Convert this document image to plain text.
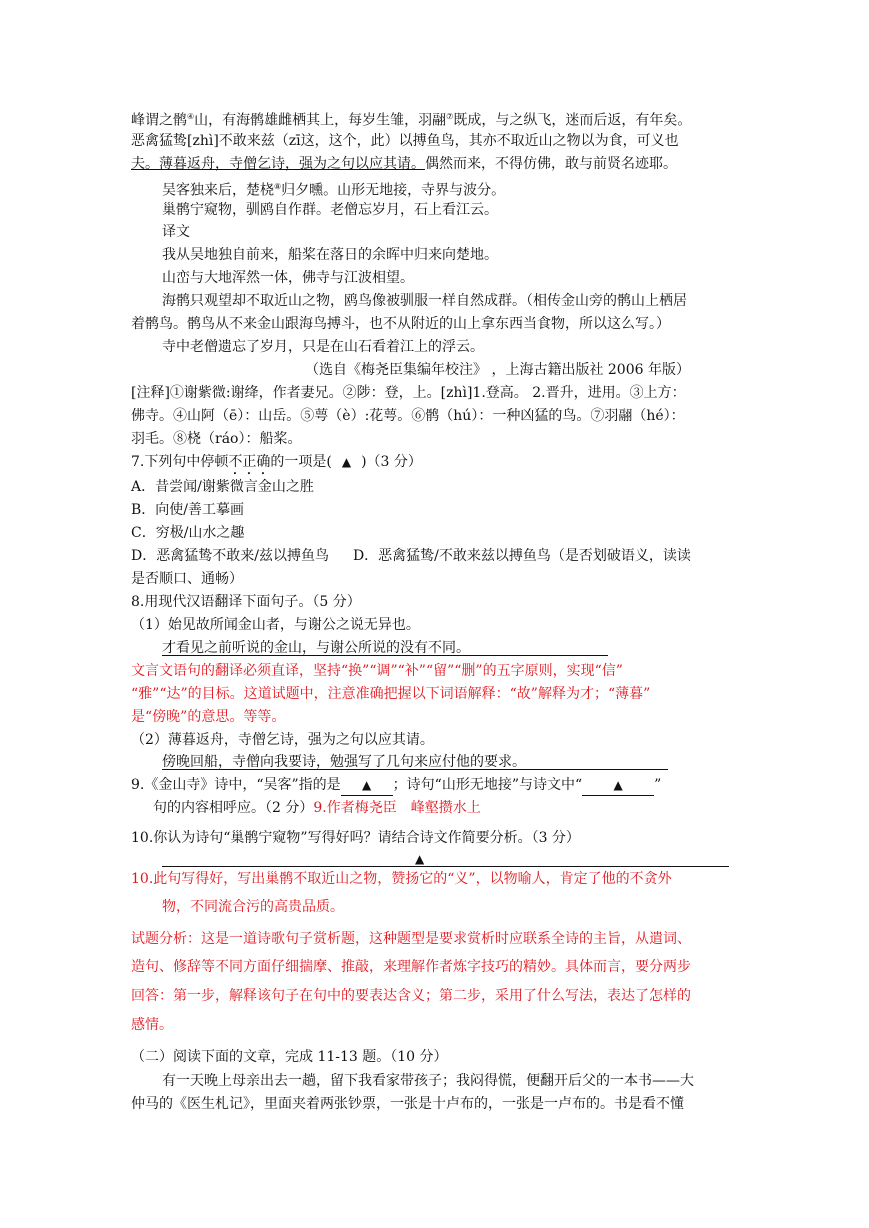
峰谓之鹘④山，有海鹘雄雌栖其上，每岁生雏，羽翮⑦既成，与之纵飞，迷而后返，有年矣。
恶禽猛鸷[zhì]不敢来兹（zī这，这个，此）以搏鱼鸟，其亦不取近山之物以为食，可义也
夫。薄暮返舟，寺僧乞诗，强为之句以应其请。偶然而来，不得仿佛，敢与前贤名迹耶。
吴客独来后，楚桡⑧归夕曛。山形无地接，寺界与波分。
巢鹘宁窥物，驯鸥自作群。老僧忘岁月，石上看江云。
译文
我从吴地独自前来，船桨在落日的余晖中归来向楚地。
山峦与大地浑然一体，佛寺与江波相望。
海鹘只观望却不取近山之物，鸥鸟像被驯服一样自然成群。（相传金山旁的鹘山上栖居
着鹘鸟。鹘鸟从不来金山跟海鸟搏斗，也不从附近的山上拿东西当食物，所以这么写。）
寺中老僧遗忘了岁月，只是在山石看着江上的浮云。
（选自《梅尧臣集编年校注》 ，上海古籍出版社 2006 年版）
[注释]①谢紫微:谢绛，作者妻兄。②陟：登，上。[zhì]1.登高。 2.晋升，进用。③上方：
佛寺。④山阿（ē）：山岳。⑤萼（è）:花萼。⑥鹘（hú）：一种凶猛的鸟。⑦羽翮（hé）：
羽毛。⑧桡（ráo）：船桨。
7.下列句中停顿不正确的一项是( ▲ )（3 分）
A．昔尝闻/谢紫微言金山之胜
B．向使/善工摹画
C．穷极/山水之趣
D．恶禽猛鸷不敢来/兹以搏鱼鸟 D．恶禽猛鸷/不敢来兹以搏鱼鸟（是否划破语义，读读
是否顺口、通畅）
8.用现代汉语翻译下面句子。（5 分）
（1）始见故所闻金山者，与谢公之说无异也。
才看见之前听说的金山，与谢公所说的没有不同。
文言文语句的翻译必须直译，坚持“换”“调”“补”“留”“删”的五字原则，实现“信”
“雅”“达”的目标。这道试题中，注意准确把握以下词语解释：“故”解释为才；“薄暮”
是“傍晚”的意思。等等。
（2）薄暮返舟，寺僧乞诗，强为之句以应其请。
傍晚回船，寺僧向我要诗，勉强写了几句来应付他的要求。
9.《金山寺》诗中，“吴客”指的是 ▲ ；诗句“山形无地接”与诗文中“	▲ ”
句的内容相呼应。（2 分）9.作者梅尧臣　峰壑攒水上
10.你认为诗句“巢鹘宁窥物”写得好吗？请结合诗文作简要分析。（3 分）
▲
10.此句写得好，写出巢鹘不取近山之物，赞扬它的“义”，以物喻人，肯定了他的不贪外
物，不同流合污的高贵品质。
试题分析：这是一道诗歌句子赏析题，这种题型是要求赏析时应联系全诗的主旨，从遣词、
造句、修辞等不同方面仔细揣摩、推敲，来理解作者炼字技巧的精妙。具体而言，要分两步
回答：第一步，解释该句子在句中的要表达含义；第二步，采用了什么写法，表达了怎样的
感情。
（二）阅读下面的文章，完成 11-13 题。（10 分）
有一天晚上母亲出去一趟，留下我看家带孩子；我闷得慌，便翻开后父的一本书——大
仲马的《医生札记》，里面夹着两张钞票，一张是十卢布的，一张是一卢布的。书是看不懂
